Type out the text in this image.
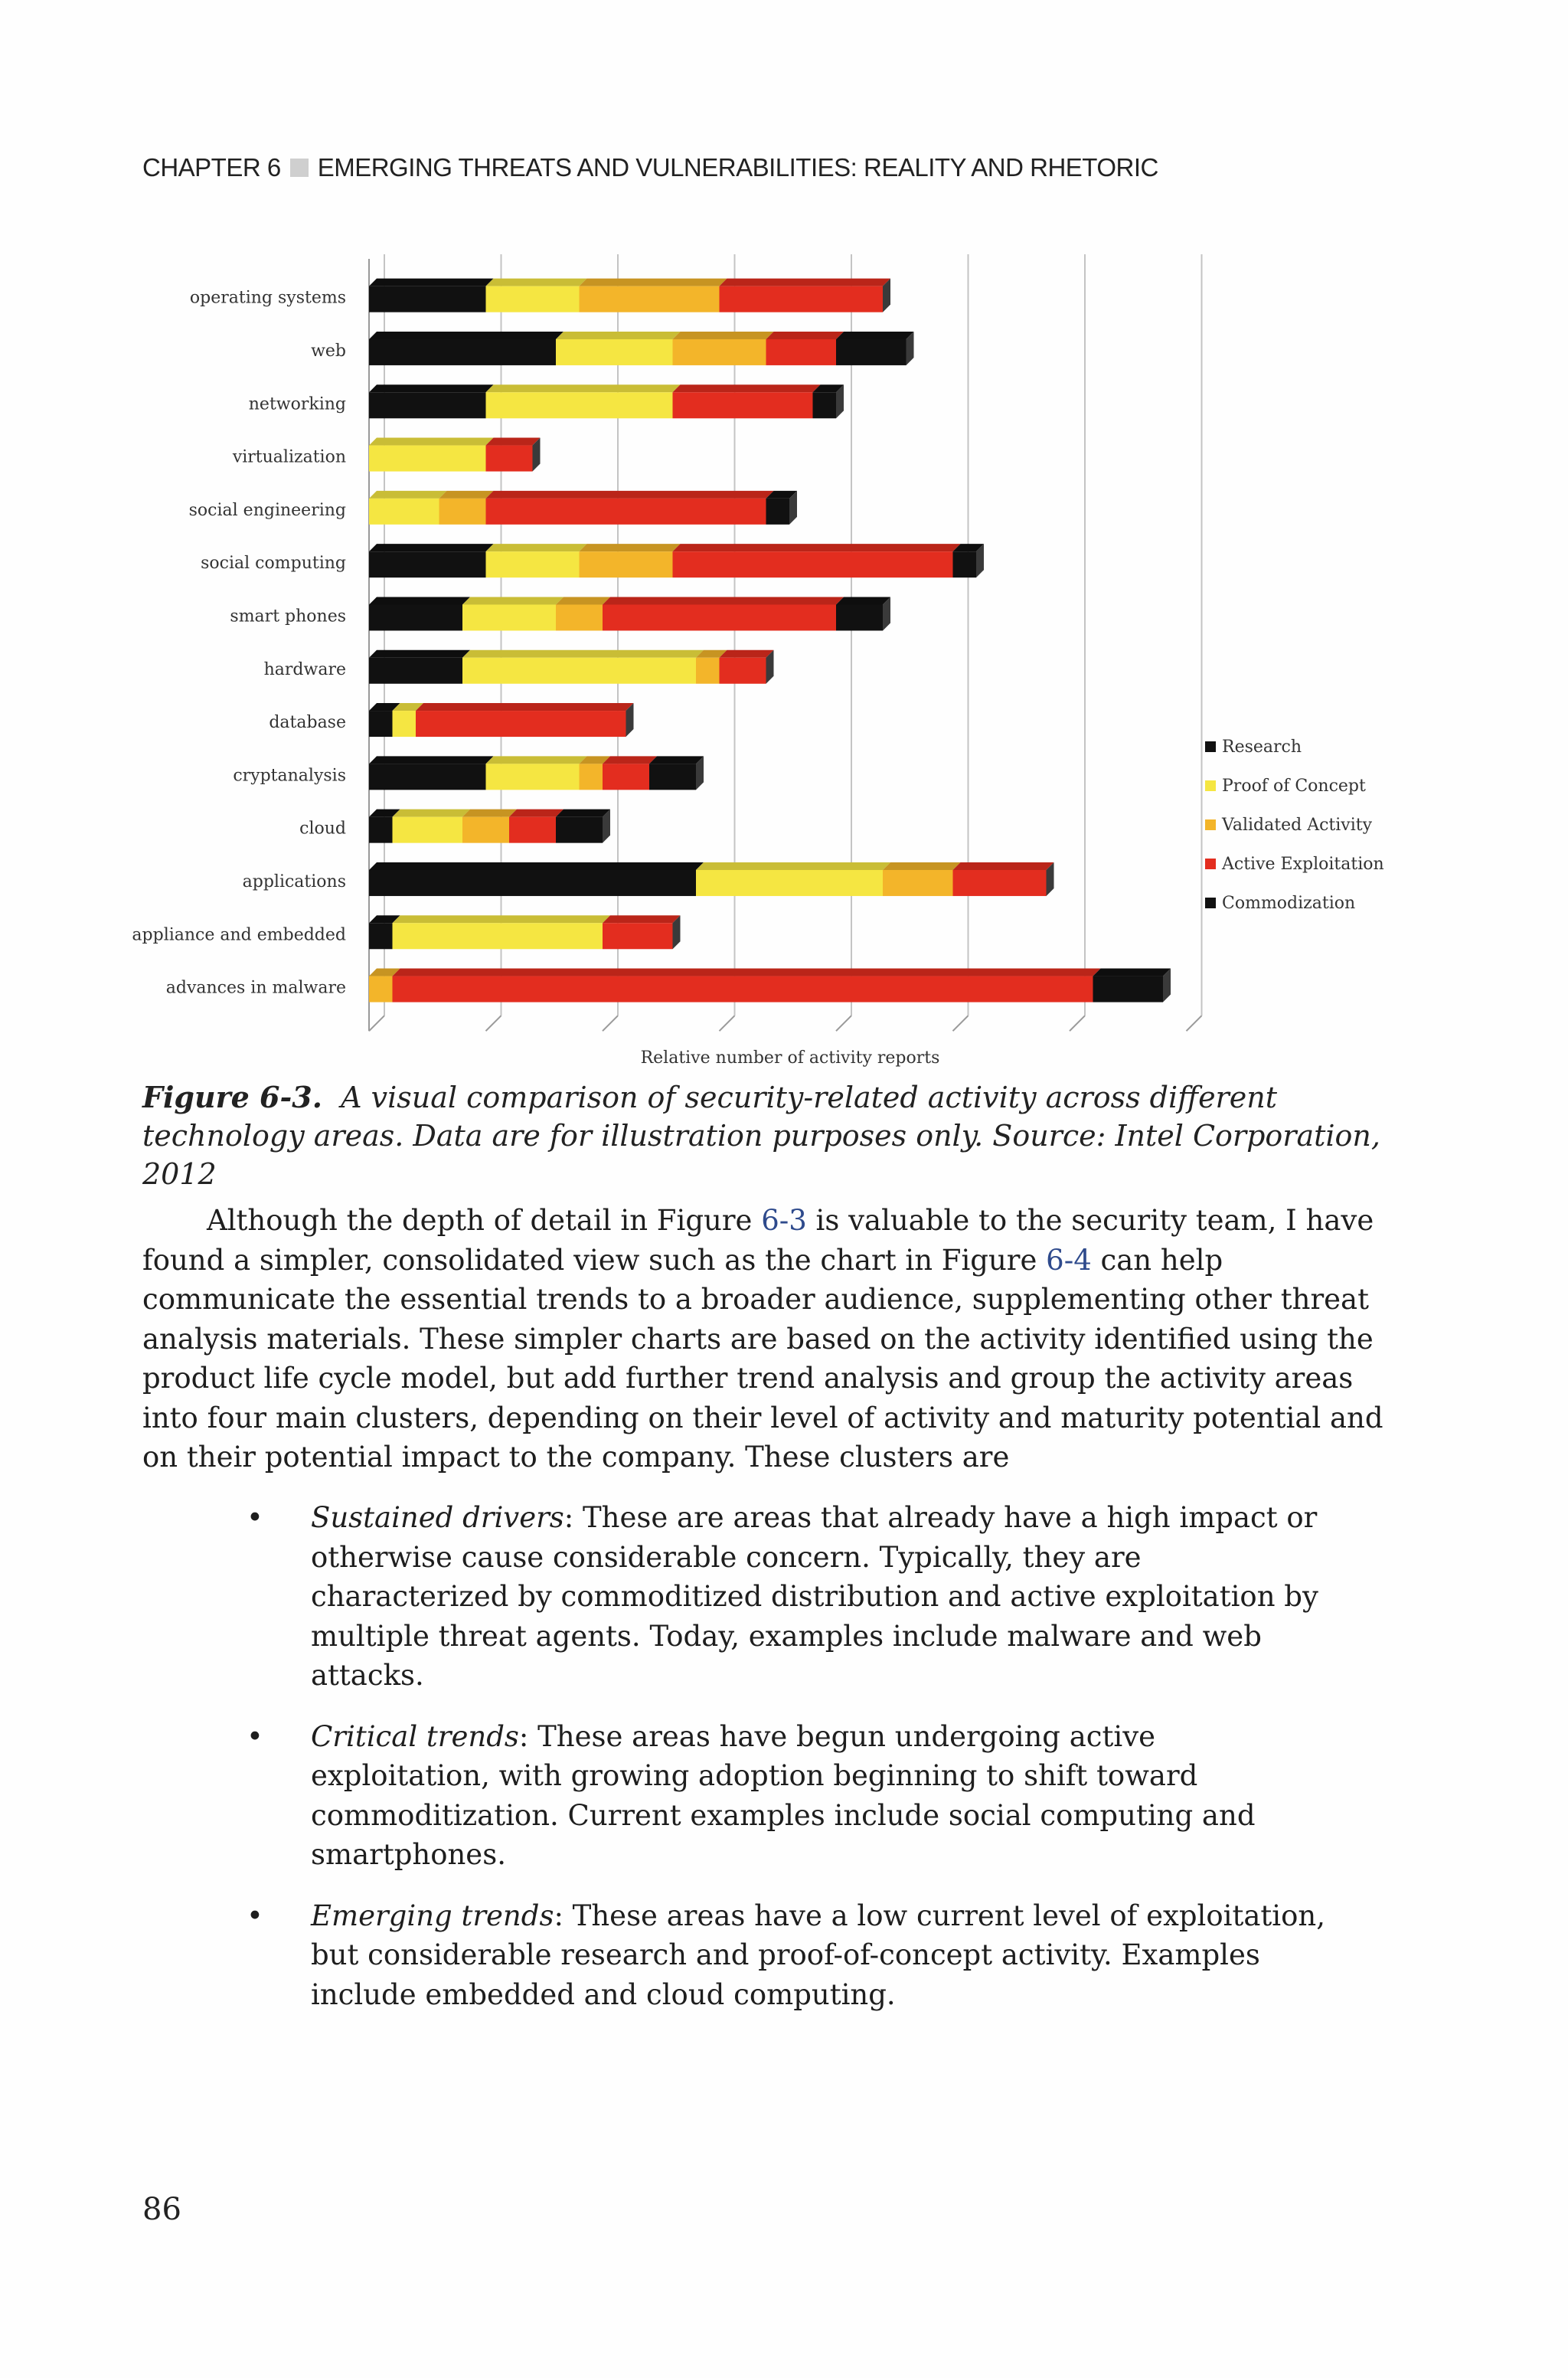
CHAPTER 6 EMERGING THREATS AND VULNERABILITIES: REALITY AND RHETORIC
operating systems
web
networking
virtualization
social engineering
social computing
smart phones
hardware
database
cryptanalysis
cloud
applications
appliance and embedded
advances in malware
Relative number of activity reports
Research
Proof of Concept
Validated Activity
Active Exploitation
Commodization
Figure 6-3. A visual comparison of security-related activity across different technology areas. Data are for illustration purposes only. Source: Intel Corporation, 2012
Although the depth of detail in Figure 6-3 is valuable to the security team, I have found a simpler, consolidated view such as the chart in Figure 6-4 can help communicate the essential trends to a broader audience, supplementing other threat analysis materials. These simpler charts are based on the activity identified using the product life cycle model, but add further trend analysis and group the activity areas into four main clusters, depending on their level of activity and maturity potential and on their potential impact to the company. These clusters are
• Sustained drivers: These are areas that already have a high impact or otherwise cause considerable concern. Typically, they are characterized by commoditized distribution and active exploitation by multiple threat agents. Today, examples include malware and web attacks.
• Critical trends: These areas have begun undergoing active exploitation, with growing adoption beginning to shift toward commoditization. Current examples include social computing and smartphones.
• Emerging trends: These areas have a low current level of exploitation, but considerable research and proof-of-concept activity. Examples include embedded and cloud computing.
86
